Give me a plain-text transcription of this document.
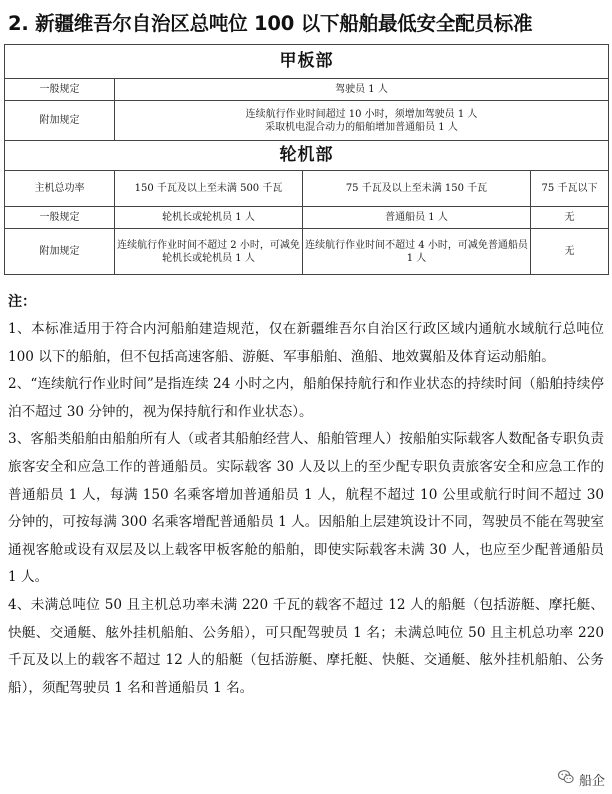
2. 新疆维吾尔自治区总吨位 100 以下船舶最低安全配员标准
甲板部			
一般规定	驾驶员 1 人		
附加规定	连续航行作业时间超过 10 小时，须增加驾驶员 1 人
采取机电混合动力的船舶增加普通船员 1 人		

轮机部			
主机总功率	150 千瓦及以上至未满 500 千瓦	75 千瓦及以上至未满 150 千瓦	75 千瓦以下
一般规定	轮机长或轮机员 1 人	普通船员 1 人	无
附加规定	连续航行作业时间不超过 2 小时，可减免轮机长或轮机员 1 人	连续航行作业时间不超过 4 小时，可减免普通船员 1 人	无
注：

1、本标准适用于符合内河船舶建造规范，仅在新疆维吾尔自治区行政区域内通航水域航行总吨位 100 以下的船舶，但不包括高速客船、游艇、军事船舶、渔船、地效翼船及体育运动船舶。

2、“连续航行作业时间”是指连续 24 小时之内，船舶保持航行和作业状态的持续时间（船舶持续停泊不超过 30 分钟的，视为保持航行和作业状态）。

3、客船类船舶由船舶所有人（或者其船舶经营人、船舶管理人）按船舶实际载客人数配备专职负责旅客安全和应急工作的普通船员。实际载客 30 人及以上的至少配专职负责旅客安全和应急工作的普通船员 1 人，每满 150 名乘客增加普通船员 1 人，航程不超过 10 公里或航行时间不超过 30 分钟的，可按每满 300 名乘客增配普通船员 1 人。因船舶上层建筑设计不同，驾驶员不能在驾驶室通视客舱或设有双层及以上载客甲板客舱的船舶，即使实际载客未满 30 人，也应至少配普通船员 1 人。

4、未满总吨位 50 且主机总功率未满 220 千瓦的载客不超过 12 人的船艇（包括游艇、摩托艇、快艇、交通艇、舷外挂机船舶、公务船），可只配驾驶员 1 名；未满总吨位 50 且主机总功率 220 千瓦及以上的载客不超过 12 人的船艇（包括游艇、摩托艇、快艇、交通艇、舷外挂机船舶、公务船），须配驾驶员 1 名和普通船员 1 名。

船企
